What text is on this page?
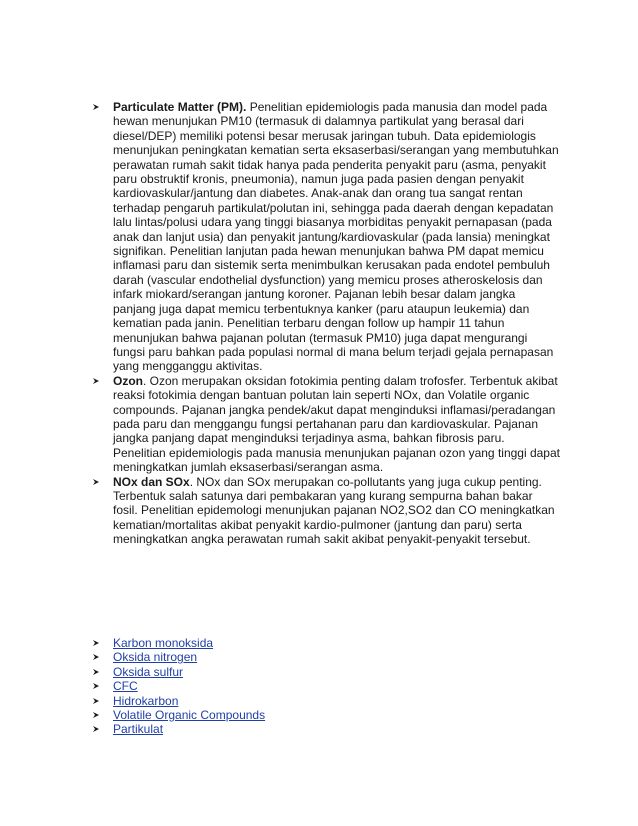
Particulate Matter (PM). Penelitian epidemiologis pada manusia dan model pada hewan menunjukan PM10 (termasuk di dalamnya partikulat yang berasal dari diesel/DEP) memiliki potensi besar merusak jaringan tubuh. Data epidemiologis menunjukan peningkatan kematian serta eksaserbasi/serangan yang membutuhkan perawatan rumah sakit tidak hanya pada penderita penyakit paru (asma, penyakit paru obstruktif kronis, pneumonia), namun juga pada pasien dengan penyakit kardiovaskular/jantung dan diabetes. Anak-anak dan orang tua sangat rentan terhadap pengaruh partikulat/polutan ini, sehingga pada daerah dengan kepadatan lalu lintas/polusi udara yang tinggi biasanya morbiditas penyakit pernapasan (pada anak dan lanjut usia) dan penyakit jantung/kardiovaskular (pada lansia) meningkat signifikan. Penelitian lanjutan pada hewan menunjukan bahwa PM dapat memicu inflamasi paru dan sistemik serta menimbulkan kerusakan pada endotel pembuluh darah (vascular endothelial dysfunction) yang memicu proses atheroskelosis dan infark miokard/serangan jantung koroner. Pajanan lebih besar dalam jangka panjang juga dapat memicu terbentuknya kanker (paru ataupun leukemia) dan kematian pada janin. Penelitian terbaru dengan follow up hampir 11 tahun menunjukan bahwa pajanan polutan (termasuk PM10) juga dapat mengurangi fungsi paru bahkan pada populasi normal di mana belum terjadi gejala pernapasan yang mengganggu aktivitas.
Ozon. Ozon merupakan oksidan fotokimia penting dalam trofosfer. Terbentuk akibat reaksi fotokimia dengan bantuan polutan lain seperti NOx, dan Volatile organic compounds. Pajanan jangka pendek/akut dapat menginduksi inflamasi/peradangan pada paru dan menggangu fungsi pertahanan paru dan kardiovaskular. Pajanan jangka panjang dapat menginduksi terjadinya asma, bahkan fibrosis paru. Penelitian epidemiologis pada manusia menunjukan pajanan ozon yang tinggi dapat meningkatkan jumlah eksaserbasi/serangan asma.
NOx dan SOx. NOx dan SOx merupakan co-pollutants yang juga cukup penting. Terbentuk salah satunya dari pembakaran yang kurang sempurna bahan bakar fosil. Penelitian epidemologi menunjukan pajanan NO2,SO2 dan CO meningkatkan kematian/mortalitas akibat penyakit kardio-pulmoner (jantung dan paru) serta meningkatkan angka perawatan rumah sakit akibat penyakit-penyakit tersebut.
Karbon monoksida
Oksida nitrogen
Oksida sulfur
CFC
Hidrokarbon
Volatile Organic Compounds
Partikulat
